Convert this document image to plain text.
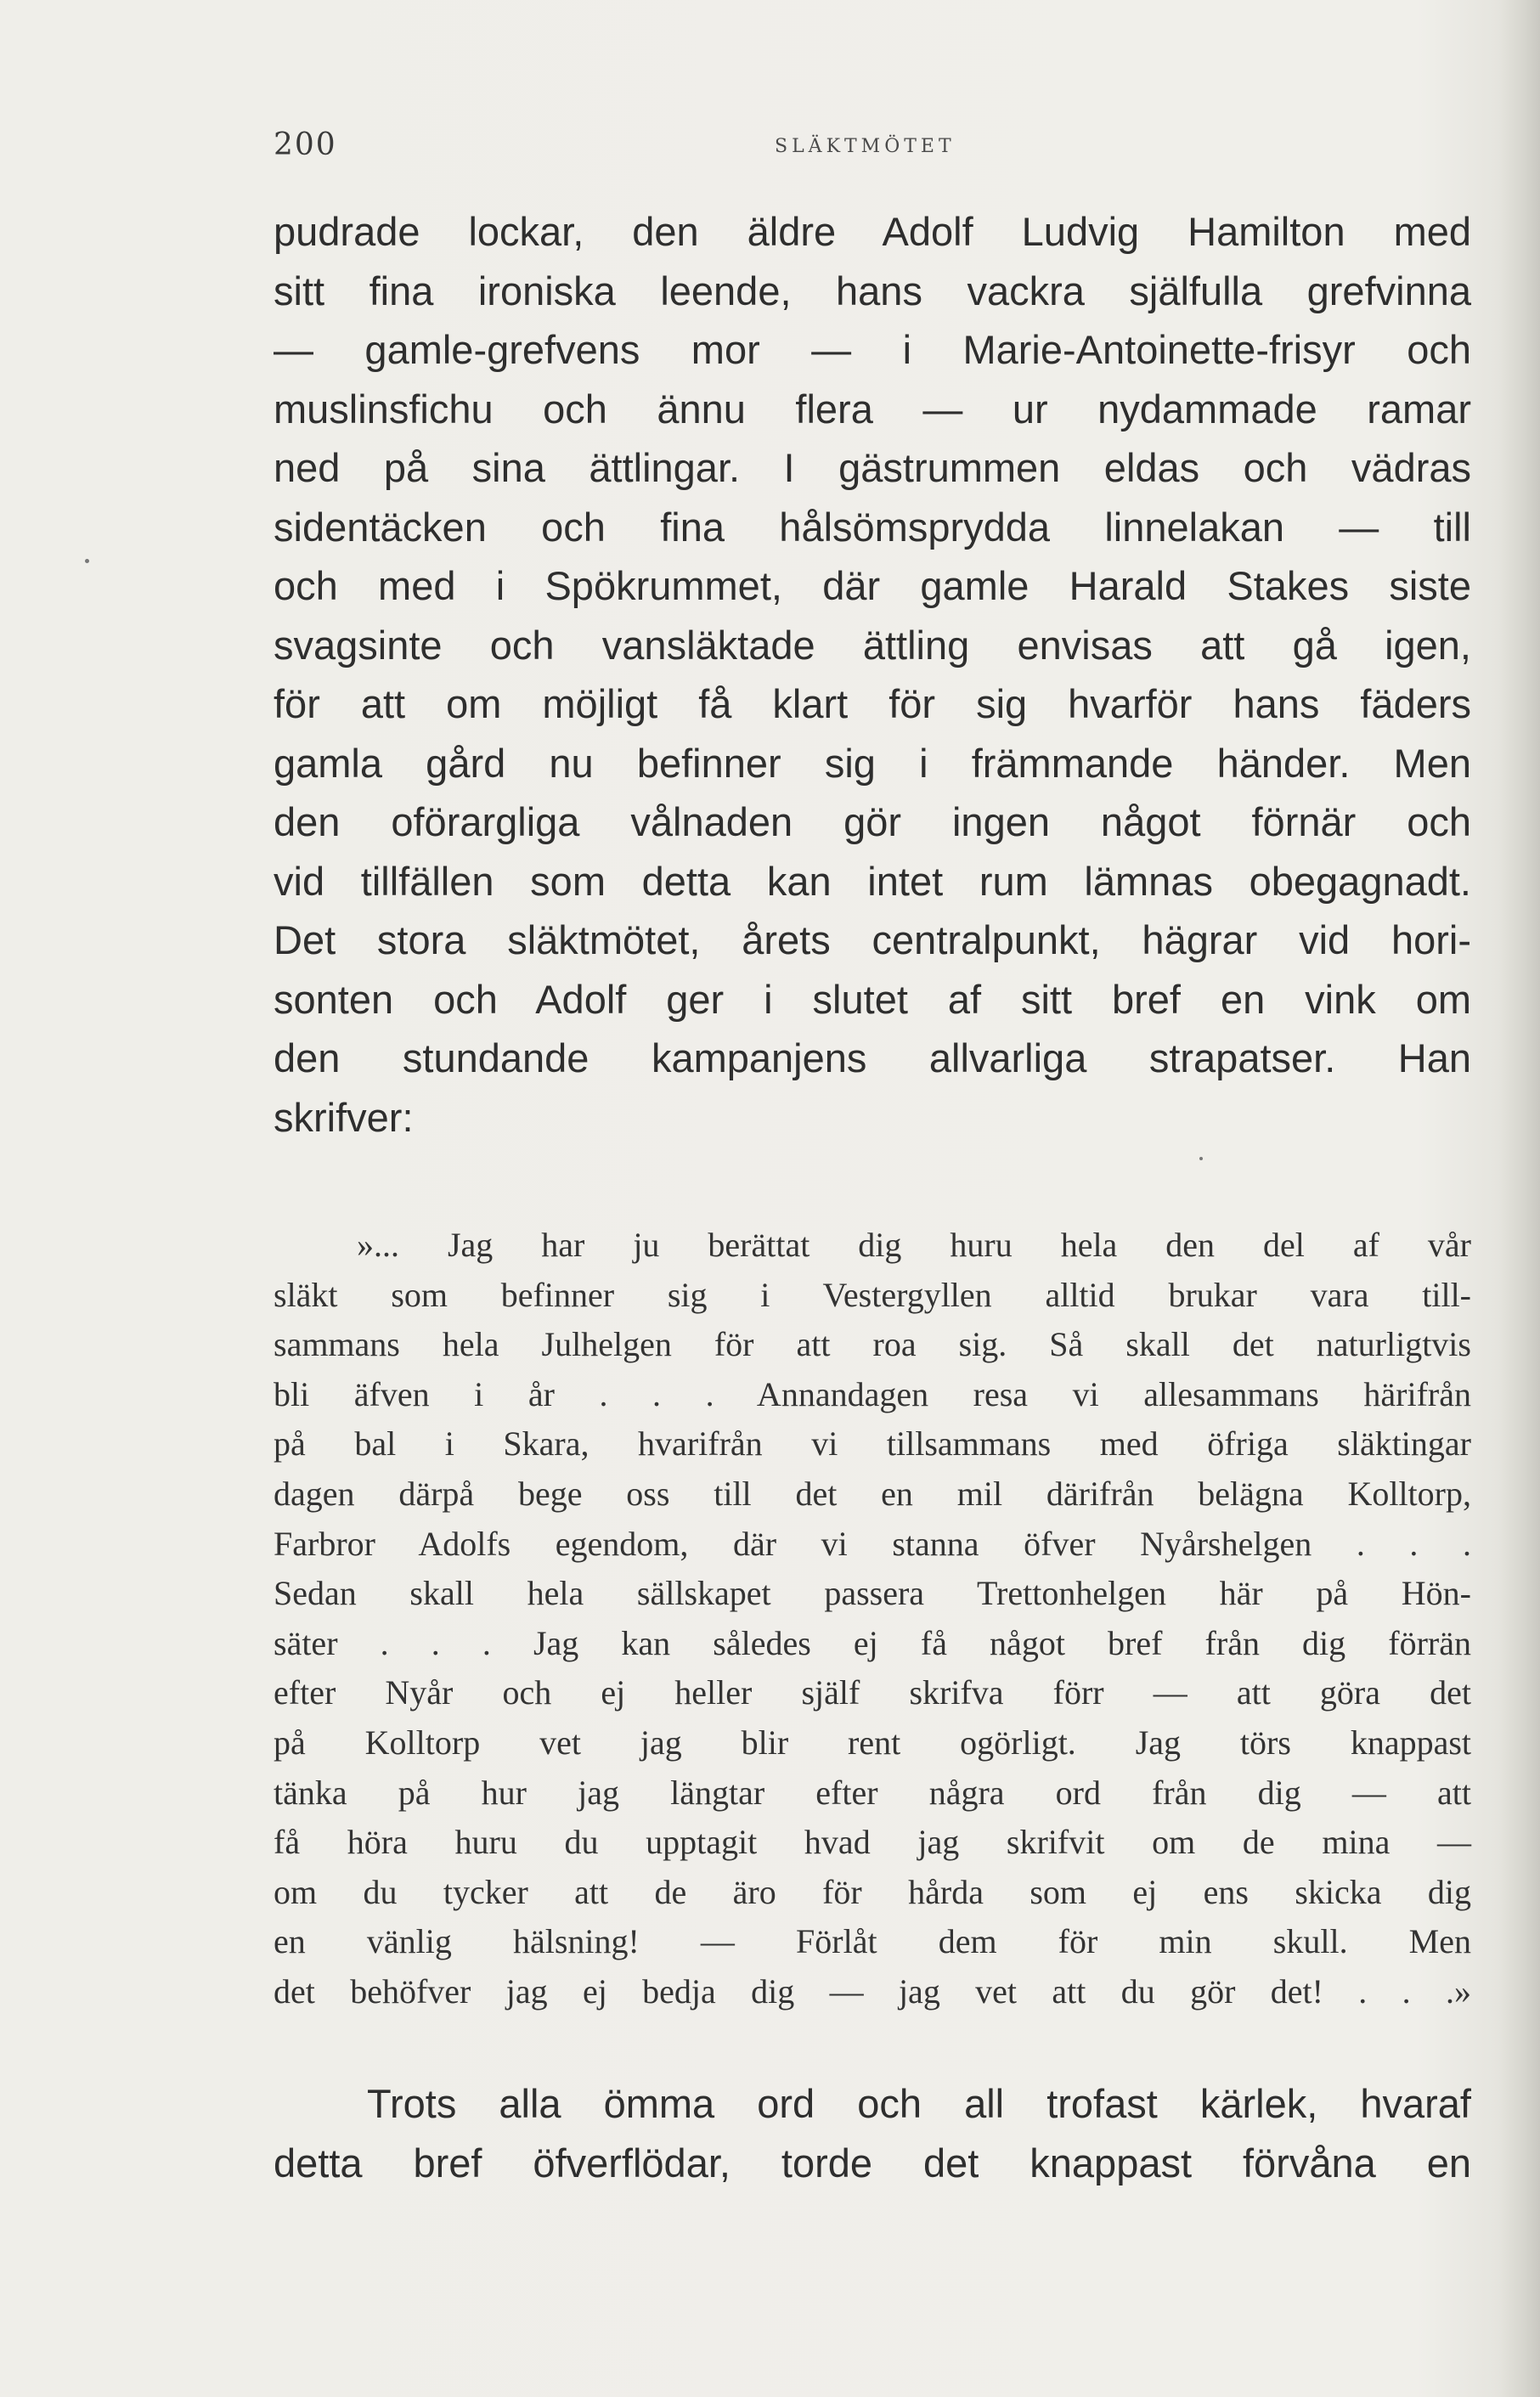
200	SLÄKTMÖTET
pudrade lockar, den äldre Adolf Ludvig Hamilton med
sitt fina ironiska leende, hans vackra själfulla grefvinna
— gamle-grefvens mor — i Marie-Antoinette-frisyr och
muslinsfichu och ännu flera — ur nydammade ramar
ned på sina ättlingar. I gästrummen eldas och vädras
sidentäcken och fina hålsömsprydda linnelakan — till
och med i Spökrummet, där gamle Harald Stakes siste
svagsinte och vansläktade ättling envisas att gå igen,
för att om möjligt få klart för sig hvarför hans fäders
gamla gård nu befinner sig i främmande händer. Men
den oförargliga vålnaden gör ingen något förnär och
vid tillfällen som detta kan intet rum lämnas obegagnadt.
Det stora släktmötet, årets centralpunkt, hägrar vid hori-
sonten och Adolf ger i slutet af sitt bref en vink om
den stundande kampanjens allvarliga strapatser. Han
skrifver:
»... Jag har ju berättat dig huru hela den del af vår
släkt som befinner sig i Vestergyllen alltid brukar vara till-
sammans hela Julhelgen för att roa sig. Så skall det naturligtvis
bli äfven i år . . . Annandagen resa vi allesammans härifrån
på bal i Skara, hvarifrån vi tillsammans med öfriga släktingar
dagen därpå bege oss till det en mil därifrån belägna Kolltorp,
Farbror Adolfs egendom, där vi stanna öfver Nyårshelgen . . .
Sedan skall hela sällskapet passera Trettonhelgen här på Hön-
säter . . . Jag kan således ej få något bref från dig förrän
efter Nyår och ej heller själf skrifva förr — att göra det
på Kolltorp vet jag blir rent ogörligt. Jag törs knappast
tänka på hur jag längtar efter några ord från dig — att
få höra huru du upptagit hvad jag skrifvit om de mina —
om du tycker att de äro för hårda som ej ens skicka dig
en vänlig hälsning! — Förlåt dem för min skull. Men
det behöfver jag ej bedja dig — jag vet att du gör det! . . .»
Trots alla ömma ord och all trofast kärlek, hvaraf
detta bref öfverflödar, torde det knappast förvåna en
